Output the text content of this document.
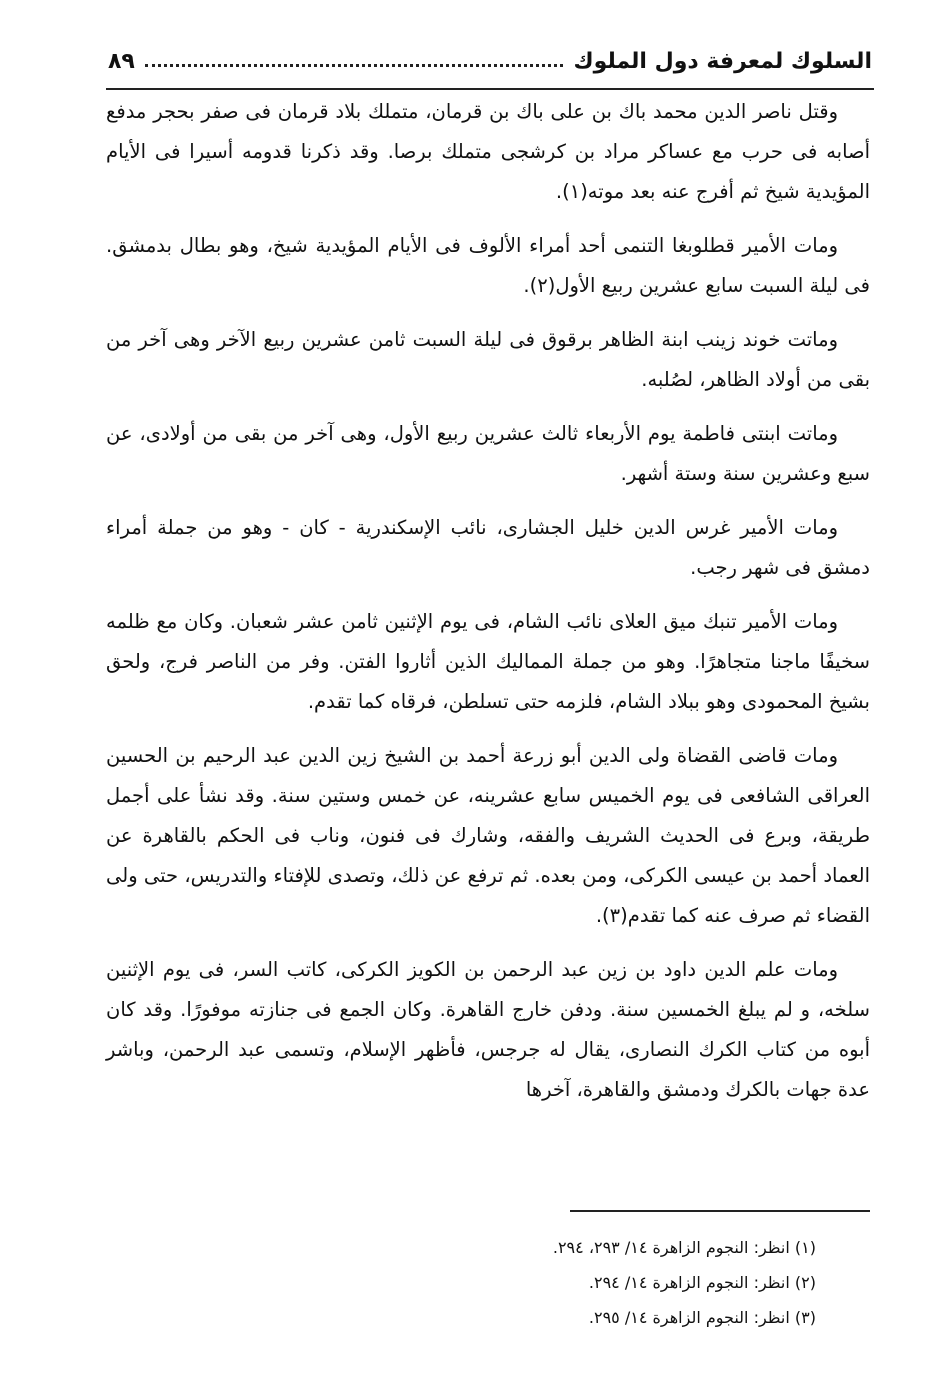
السلوك لمعرفة دول الملوك
٨٩

وقتل ناصر الدين محمد باك بن على باك بن قرمان، متملك بلاد قرمان فى صفر بحجر مدفع أصابه فى حرب مع عساكر مراد بن كرشجى متملك برصا. وقد ذكرنا قدومه أسيرا فى الأيام المؤيدية شيخ ثم أفرج عنه بعد موته(١).

ومات الأمير قطلوبغا التنمى أحد أمراء الألوف فى الأيام المؤيدية شيخ، وهو بطال بدمشق. فى ليلة السبت سابع عشرين ربيع الأول(٢).

وماتت خوند زينب ابنة الظاهر برقوق فى ليلة السبت ثامن عشرين ربيع الآخر وهى آخر من بقى من أولاد الظاهر، لصُلبه.

وماتت ابنتى فاطمة يوم الأربعاء ثالث عشرين ربيع الأول، وهى آخر من بقى من أولادى، عن سبع وعشرين سنة وستة أشهر.

ومات الأمير غرس الدين خليل الجشارى، نائب الإسكندرية - كان - وهو من جملة أمراء دمشق فى شهر رجب.

ومات الأمير تنبك ميق العلاى نائب الشام، فى يوم الإثنين ثامن عشر شعبان. وكان مع ظلمه سخيفًا ماجنا متجاهرًا. وهو من جملة المماليك الذين أثاروا الفتن. وفر من الناصر فرج، ولحق بشيخ المحمودى وهو ببلاد الشام، فلزمه حتى تسلطن، فرقاه كما تقدم.

ومات قاضى القضاة ولى الدين أبو زرعة أحمد بن الشيخ زين الدين عبد الرحيم بن الحسين العراقى الشافعى فى يوم الخميس سابع عشرينه، عن خمس وستين سنة. وقد نشأ على أجمل طريقة، وبرع فى الحديث الشريف والفقه، وشارك فى فنون، وناب فى الحكم بالقاهرة عن العماد أحمد بن عيسى الكركى، ومن بعده. ثم ترفع عن ذلك، وتصدى للإفتاء والتدريس، حتى ولى القضاء ثم صرف عنه كما تقدم(٣).

ومات علم الدين داود بن زين عبد الرحمن بن الكويز الكركى، كاتب السر، فى يوم الإثنين سلخه، و لم يبلغ الخمسين سنة. ودفن خارج القاهرة. وكان الجمع فى جنازته موفورًا. وقد كان أبوه من كتاب الكرك النصارى، يقال له جرجس، فأظهر الإسلام، وتسمى عبد الرحمن، وباشر عدة جهات بالكرك ودمشق والقاهرة، آخرها

(١) انظر: النجوم الزاهرة ١٤/ ٢٩٣، ٢٩٤.
(٢) انظر: النجوم الزاهرة ١٤/ ٢٩٤.
(٣) انظر: النجوم الزاهرة ١٤/ ٢٩٥.
